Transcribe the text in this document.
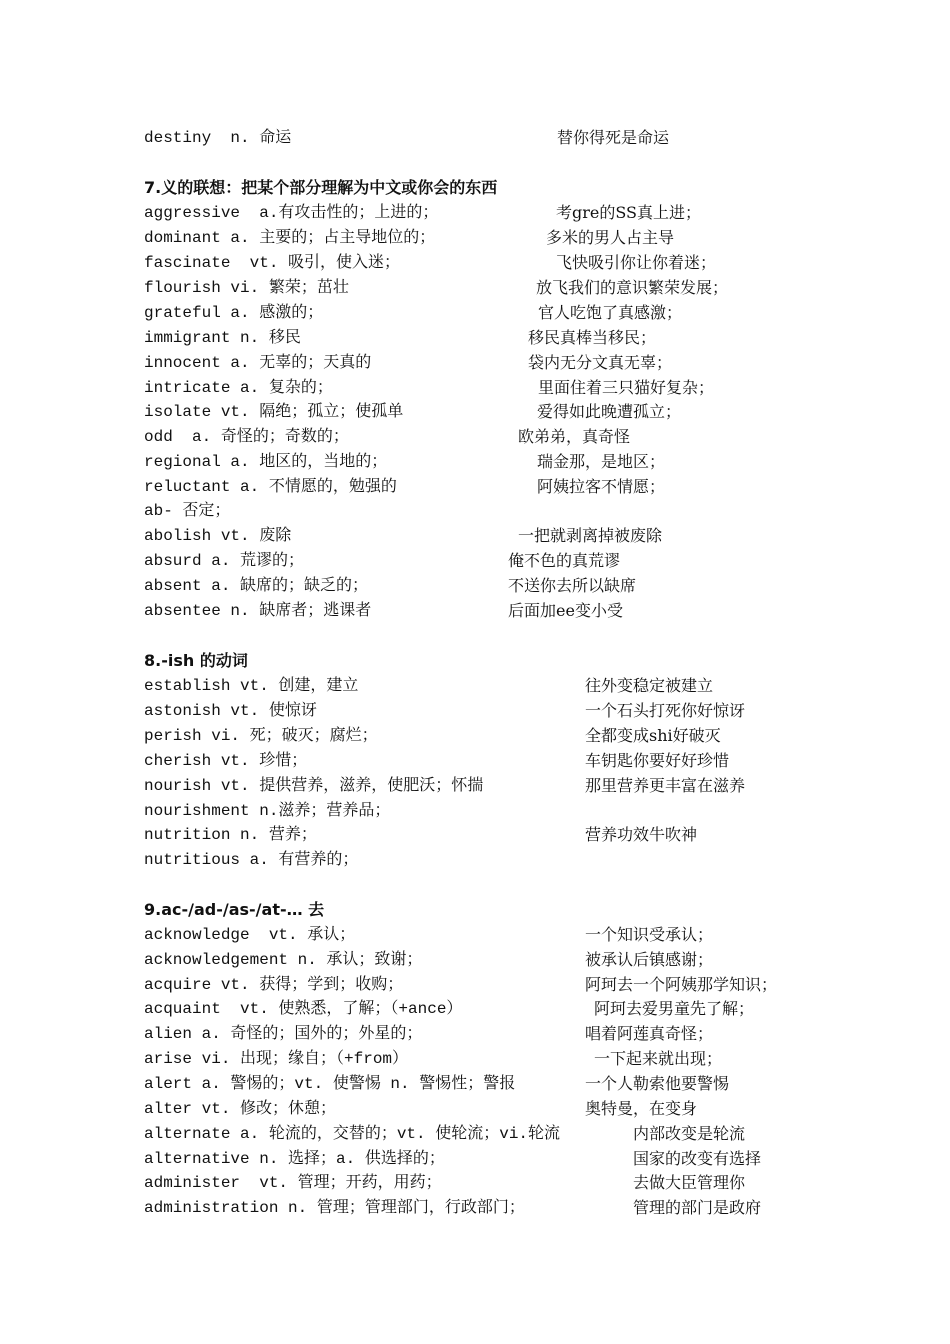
destiny  n. 命运	替你得死是命运
7.义的联想：把某个部分理解为中文或你会的东西
aggressive  a.有攻击性的；上进的；	考gre的SS真上进；
dominant a. 主要的；占主导地位的；	多米的男人占主导
fascinate  vt. 吸引，使入迷；	飞快吸引你让你着迷；
flourish vi. 繁荣；茁壮	放飞我们的意识繁荣发展；
grateful a. 感激的；	官人吃饱了真感激；
immigrant n. 移民	移民真棒当移民；
innocent a. 无辜的；天真的	袋内无分文真无辜；
intricate a. 复杂的；	里面住着三只猫好复杂；
isolate vt. 隔绝；孤立；使孤单	爱得如此晚遭孤立；
odd  a. 奇怪的；奇数的；	欧弟弟，真奇怪
regional a. 地区的，当地的；	瑞金那，是地区；
reluctant a. 不情愿的，勉强的	阿姨拉客不情愿；
ab- 否定；
abolish vt. 废除	一把就剥离掉被废除
absurd a. 荒谬的；	俺不色的真荒谬
absent a. 缺席的；缺乏的；	不送你去所以缺席
absentee n. 缺席者；逃课者	后面加ee变小受
8.-ish 的动词
establish vt. 创建，建立	往外变稳定被建立
astonish vt. 使惊讶	一个石头打死你好惊讶
perish vi. 死；破灭；腐烂；	全都变成shi好破灭
cherish vt. 珍惜；	车钥匙你要好好珍惜
nourish vt. 提供营养，滋养，使肥沃；怀揣	那里营养更丰富在滋养
nourishment n.滋养；营养品；
nutrition n. 营养；	营养功效牛吹神
nutritious a. 有营养的；
9.ac-/ad-/as-/at-… 去
acknowledge  vt. 承认；	一个知识受承认；
acknowledgement n. 承认；致谢；	被承认后镇感谢；
acquire vt. 获得；学到；收购；	阿珂去一个阿姨那学知识；
acquaint  vt. 使熟悉，了解；（+ance）	阿珂去爱男童先了解；
alien a. 奇怪的；国外的；外星的；	唱着阿莲真奇怪；
arise vi. 出现；缘自；（+from）	一下起来就出现；
alert a. 警惕的；vt. 使警惕 n. 警惕性；警报	一个人勒索他要警惕
alter vt. 修改；休憩；	奥特曼，在变身
alternate a. 轮流的，交替的；vt. 使轮流；vi.轮流	内部改变是轮流
alternative n. 选择；a. 供选择的；	国家的改变有选择
administer  vt. 管理；开药，用药；	去做大臣管理你
administration n. 管理；管理部门，行政部门；	管理的部门是政府
